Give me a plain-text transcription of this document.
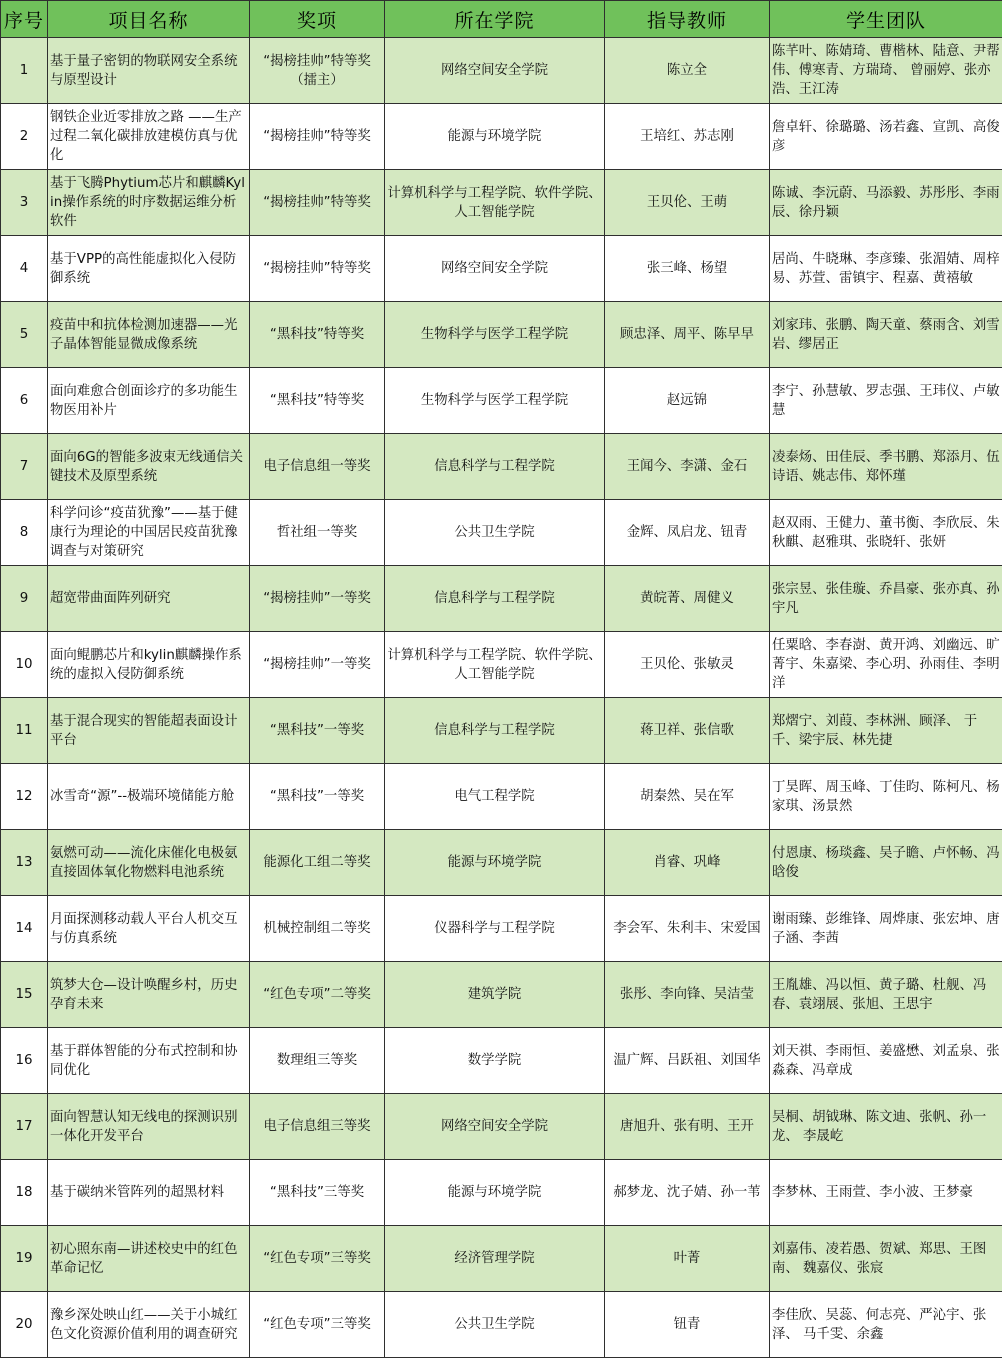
序号	项目名称	奖项	所在学院	指导教师	学生团队
1	基于量子密钥的物联网安全系统与原型设计	“揭榜挂帅”特等奖（擂主）	网络空间安全学院	陈立全	陈芊叶、陈婧琦、曹楷林、陆意、尹帮伟、傅寒青、方瑞琦、 曾丽婷、张亦浩、王江涛
2	钢铁企业近零排放之路 ——生产过程二氧化碳排放建模仿真与优化	“揭榜挂帅”特等奖	能源与环境学院	王培红、苏志刚	詹卓轩、徐璐璐、汤若鑫、宣凯、高俊彦
3	基于飞腾Phytium芯片和麒麟Kylin操作系统的时序数据运维分析软件	“揭榜挂帅”特等奖	计算机科学与工程学院、软件学院、人工智能学院	王贝伦、王萌	陈诚、李沅蔚、马添毅、苏彤彤、李雨辰、徐丹颖
4	基于VPP的高性能虚拟化入侵防御系统	“揭榜挂帅”特等奖	网络空间安全学院	张三峰、杨望	居尚、牛晓琳、李彦臻、张湄婧、周梓易、苏萱、雷镇宇、程嘉、黄禧敏
5	疫苗中和抗体检测加速器——光子晶体智能显微成像系统	“黑科技”特等奖	生物科学与医学工程学院	顾忠泽、周平、陈早早	刘家玮、张鹏、陶天童、蔡雨含、刘雪岩、缪居正
6	面向难愈合创面诊疗的多功能生物医用补片	“黑科技”特等奖	生物科学与医学工程学院	赵远锦	李宁、孙慧敏、罗志强、王玮仪、卢敏慧
7	面向6G的智能多波束无线通信关键技术及原型系统	电子信息组一等奖	信息科学与工程学院	王闻今、李潇、金石	凌泰炀、田佳辰、季书鹏、郑添月、伍诗语、姚志伟、郑怀瑾
8	科学问诊“疫苗犹豫”——基于健康行为理论的中国居民疫苗犹豫调查与对策研究	哲社组一等奖	公共卫生学院	金辉、凤启龙、钮青	赵双雨、王健力、董书衡、李欣辰、朱秋麒、赵雅琪、张晓轩、张妍
9	超宽带曲面阵列研究	“揭榜挂帅”一等奖	信息科学与工程学院	黄皖菁、周健义	张宗昱、张佳璇、乔昌豪、张亦真、孙宇凡
10	面向鲲鹏芯片和kylin麒麟操作系统的虚拟入侵防御系统	“揭榜挂帅”一等奖	计算机科学与工程学院、软件学院、人工智能学院	王贝伦、张敏灵	任粟晗、李春澍、黄开鸿、刘幽远、旷菁宇、朱嘉梁、李心玥、孙雨佳、李明洋
11	基于混合现实的智能超表面设计平台	“黑科技”一等奖	信息科学与工程学院	蒋卫祥、张信歌	郑熠宁、刘葭、李林洲、顾泽、 于千、梁宇辰、林先捷
12	冰雪奇“源”--极端环境储能方舱	“黑科技”一等奖	电气工程学院	胡秦然、吴在军	丁昊晖、周玉峰、丁佳昀、陈柯凡、杨家琪、汤景然
13	氨燃可动——流化床催化电极氨直接固体氧化物燃料电池系统	能源化工组二等奖	能源与环境学院	肖睿、巩峰	付恩康、杨琰鑫、吴子瞻、卢怀畅、冯晗俊
14	月面探测移动载人平台人机交互与仿真系统	机械控制组二等奖	仪器科学与工程学院	李会军、朱利丰、宋爱国	谢雨臻、彭维锋、周烨康、张宏坤、唐子涵、李茜
15	筑梦大仓—设计唤醒乡村，历史孕育未来	“红色专项”二等奖	建筑学院	张彤、李向锋、吴洁莹	王胤雄、冯以恒、黄子璐、杜舰、冯春、袁翊展、张旭、王思宇
16	基于群体智能的分布式控制和协同优化	数理组三等奖	数学学院	温广辉、吕跃祖、刘国华	刘天祺、李雨恒、姜盛懋、刘孟泉、张淼森、冯章成
17	面向智慧认知无线电的探测识别一体化开发平台	电子信息组三等奖	网络空间安全学院	唐旭升、张有明、王开	吴桐、胡钺琳、陈文迪、张帆、孙一龙、 李晟屹
18	基于碳纳米管阵列的超黑材料	“黑科技”三等奖	能源与环境学院	郝梦龙、沈子婧、孙一苇	李梦林、王雨萱、李小波、王梦豪
19	初心照东南—讲述校史中的红色革命记忆	“红色专项”三等奖	经济管理学院	叶菁	刘嘉伟、凌若愚、贺斌、郑思、王图南、 魏嘉仪、张宸
20	豫乡深处映山红——关于小城红色文化资源价值利用的调查研究	“红色专项”三等奖	公共卫生学院	钮青	李佳欣、吴蕊、何志亮、严沁宇、张泽、 马千雯、余鑫
